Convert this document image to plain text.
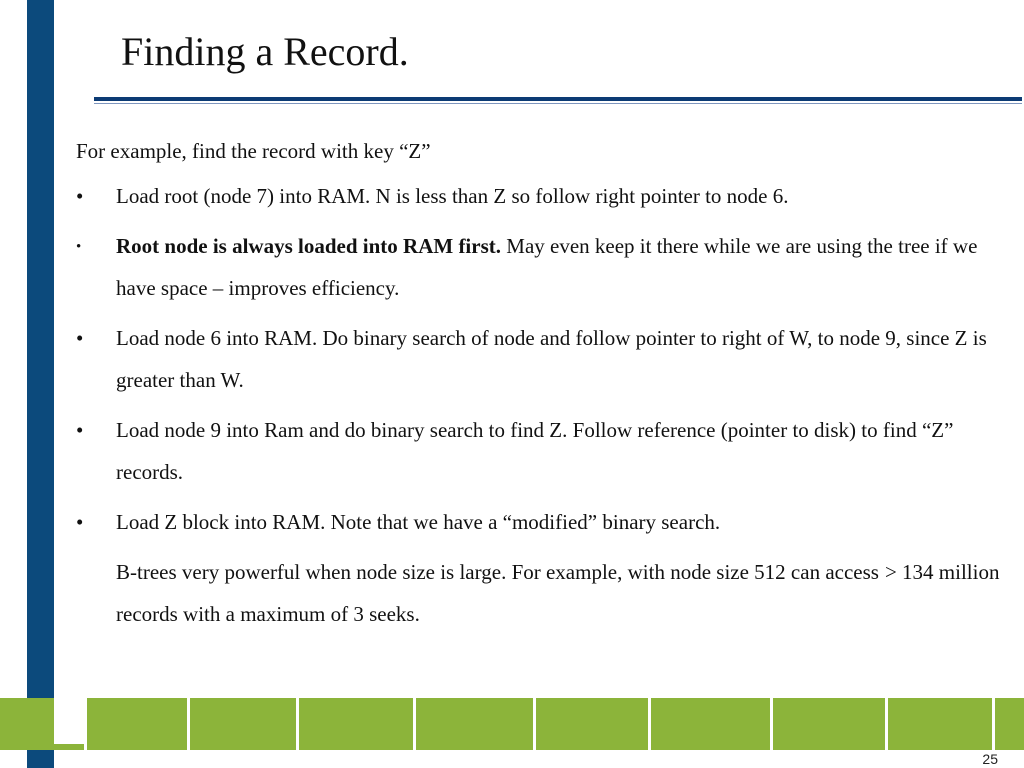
Finding a Record.

For example, find the record with key “Z”

•	Load root (node 7) into RAM. N is less than Z so follow right pointer to node 6.
•	Root node is always loaded into RAM first. May even keep it there while we are using the tree if we have space – improves efficiency.
•	Load node 6 into RAM. Do binary search of node and follow pointer to right of W, to node 9, since Z is greater than W.
•	Load node 9 into Ram and do binary search to find Z. Follow reference (pointer to disk) to find “Z” records.
•	Load Z block into RAM. Note that we have a “modified” binary search.

B-trees very powerful when node size is large. For example, with node size 512 can access > 134 million records with a maximum of 3 seeks.

25
